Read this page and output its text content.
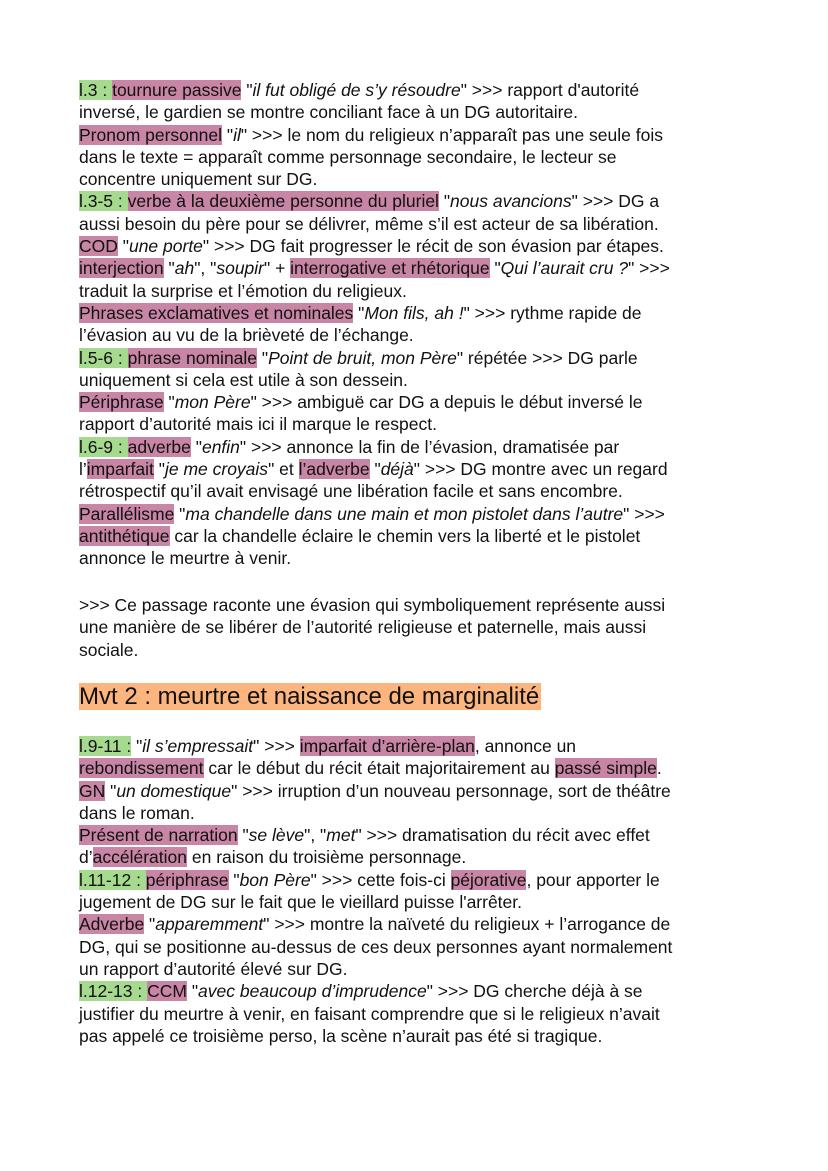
l.3 : tournure passive "il fut obligé de s’y résoudre" >>> rapport d'autorité
inversé, le gardien se montre conciliant face à un DG autoritaire.
Pronom personnel "il" >>> le nom du religieux n’apparaît pas une seule fois
dans le texte = apparaît comme personnage secondaire, le lecteur se
concentre uniquement sur DG.
l.3-5 : verbe à la deuxième personne du pluriel "nous avancions" >>> DG a
aussi besoin du père pour se délivrer, même s’il est acteur de sa libération.
COD "une porte" >>> DG fait progresser le récit de son évasion par étapes.
interjection "ah", "soupir" + interrogative et rhétorique "Qui l’aurait cru ?" >>>
traduit la surprise et l’émotion du religieux.
Phrases exclamatives et nominales "Mon fils, ah !" >>> rythme rapide de
l’évasion au vu de la brièveté de l’échange.
l.5-6 : phrase nominale "Point de bruit, mon Père" répétée >>> DG parle
uniquement si cela est utile à son dessein.
Périphrase "mon Père" >>> ambiguë car DG a depuis le début inversé le
rapport d’autorité mais ici il marque le respect.
l.6-9 : adverbe "enfin" >>> annonce la fin de l’évasion, dramatisée par
l’imparfait "je me croyais" et l’adverbe "déjà" >>> DG montre avec un regard
rétrospectif qu’il avait envisagé une libération facile et sans encombre.
Parallélisme "ma chandelle dans une main et mon pistolet dans l’autre" >>>
antithétique car la chandelle éclaire le chemin vers la liberté et le pistolet
annonce le meurtre à venir.
>>> Ce passage raconte une évasion qui symboliquement représente aussi
une manière de se libérer de l’autorité religieuse et paternelle, mais aussi
sociale.
Mvt 2 : meurtre et naissance de marginalité
l.9-11 : "il s’empressait" >>> imparfait d’arrière-plan, annonce un
rebondissement car le début du récit était majoritairement au passé simple.
GN "un domestique" >>> irruption d’un nouveau personnage, sort de théâtre
dans le roman.
Présent de narration "se lève", "met" >>> dramatisation du récit avec effet
d’accélération en raison du troisième personnage.
l.11-12 : périphrase "bon Père" >>> cette fois-ci péjorative, pour apporter le
jugement de DG sur le fait que le vieillard puisse l'arrêter.
Adverbe "apparemment" >>> montre la naïveté du religieux + l’arrogance de
DG, qui se positionne au-dessus de ces deux personnes ayant normalement
un rapport d’autorité élevé sur DG.
l.12-13 : CCM "avec beaucoup d’imprudence" >>> DG cherche déjà à se
justifier du meurtre à venir, en faisant comprendre que si le religieux n’avait
pas appelé ce troisième perso, la scène n’aurait pas été si tragique.
